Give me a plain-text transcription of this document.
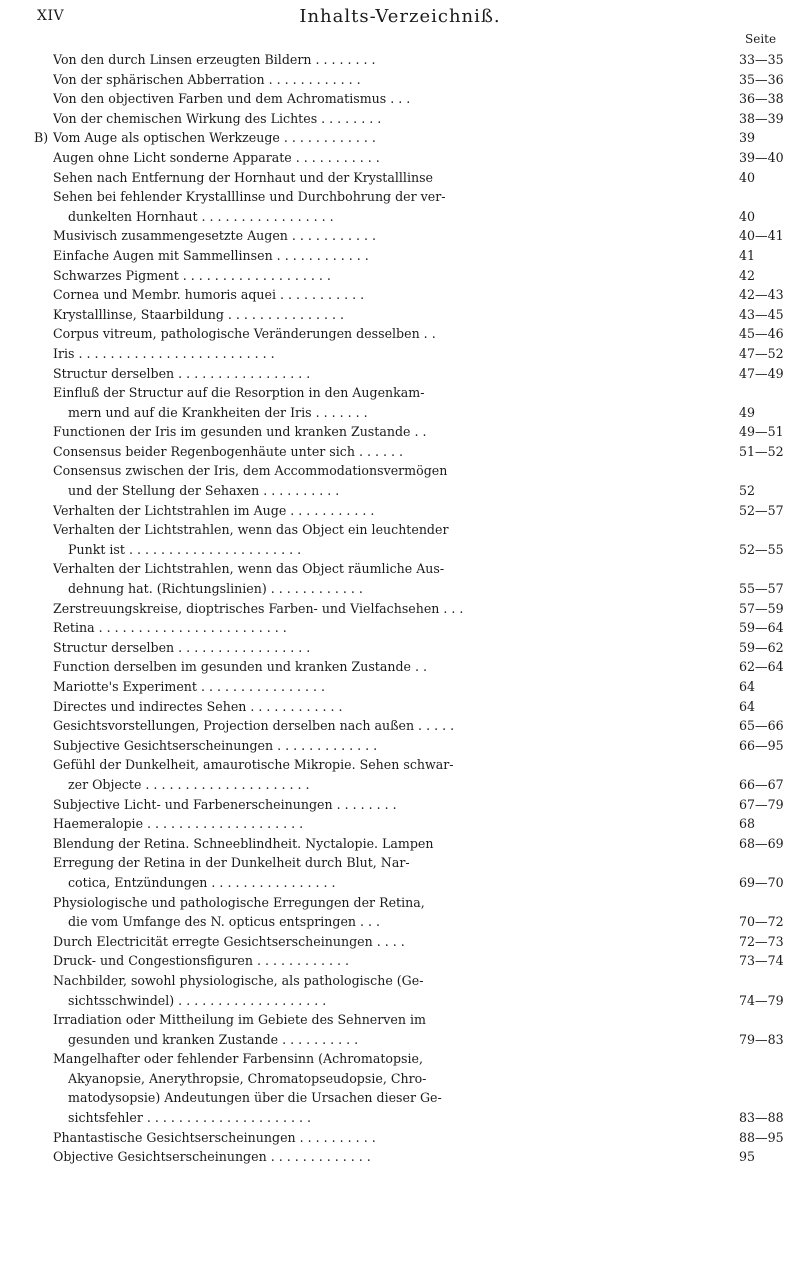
XIV	Inhalts-Verzeichniß.
Seite
Von den durch Linsen erzeugten Bildern . . . . . . . .	33—35
Von der sphärischen Abberration . . . . . . . . . . . .	35—36
Von den objectiven Farben und dem Achromatismus . . .	36—38
Von der chemischen Wirkung des Lichtes . . . . . . . .	38—39
B) Vom Auge als optischen Werkzeuge . . . . . . . . . . . .	39
Augen ohne Licht sonderne Apparate . . . . . . . . . . .	39—40
Sehen nach Entfernung der Hornhaut und der Krystalllinse	40
Sehen bei fehlender Krystalllinse und Durchbohrung der ver-
dunkelten Hornhaut . . . . . . . . . . . . . . . . .	40
Musivisch zusammengesetzte Augen . . . . . . . . . . .	40—41
Einfache Augen mit Sammellinsen . . . . . . . . . . . .	41
Schwarzes Pigment . . . . . . . . . . . . . . . . . . .	42
Cornea und Membr. humoris aquei . . . . . . . . . . .	42—43
Krystalllinse, Staarbildung . . . . . . . . . . . . . . .	43—45
Corpus vitreum, pathologische Veränderungen desselben . .	45—46
Iris . . . . . . . . . . . . . . . . . . . . . . . . .	47—52
Structur derselben . . . . . . . . . . . . . . . . .	47—49
Einfluß der Structur auf die Resorption in den Augenkam-
mern und auf die Krankheiten der Iris . . . . . . .	49
Functionen der Iris im gesunden und kranken Zustande . .	49—51
Consensus beider Regenbogenhäute unter sich . . . . . .	51—52
Consensus zwischen der Iris, dem Accommodationsvermögen
und der Stellung der Sehaxen . . . . . . . . . .	52
Verhalten der Lichtstrahlen im Auge . . . . . . . . . . .	52—57
Verhalten der Lichtstrahlen, wenn das Object ein leuchtender
Punkt ist . . . . . . . . . . . . . . . . . . . . . .	52—55
Verhalten der Lichtstrahlen, wenn das Object räumliche Aus-
dehnung hat. (Richtungslinien) . . . . . . . . . . . .	55—57
Zerstreuungskreise, dioptrisches Farben- und Vielfachsehen . . .	57—59
Retina . . . . . . . . . . . . . . . . . . . . . . . .	59—64
Structur derselben . . . . . . . . . . . . . . . . .	59—62
Function derselben im gesunden und kranken Zustande . .	62—64
Mariotte's Experiment . . . . . . . . . . . . . . . .	64
Directes und indirectes Sehen . . . . . . . . . . . .	64
Gesichtsvorstellungen, Projection derselben nach außen . . . . .	65—66
Subjective Gesichtserscheinungen . . . . . . . . . . . . .	66—95
Gefühl der Dunkelheit, amaurotische Mikropie. Sehen schwar-
zer Objecte . . . . . . . . . . . . . . . . . . . . .	66—67
Subjective Licht- und Farbenerscheinungen . . . . . . . .	67—79
Haemeralopie . . . . . . . . . . . . . . . . . . . .	68
Blendung der Retina. Schneeblindheit. Nyctalopie. Lampen	68—69
Erregung der Retina in der Dunkelheit durch Blut, Nar-
cotica, Entzündungen . . . . . . . . . . . . . . . .	69—70
Physiologische und pathologische Erregungen der Retina,
die vom Umfange des N. opticus entspringen . . .	70—72
Durch Electricität erregte Gesichtserscheinungen . . . .	72—73
Druck- und Congestionsfiguren . . . . . . . . . . . .	73—74
Nachbilder, sowohl physiologische, als pathologische (Ge-
sichtsschwindel) . . . . . . . . . . . . . . . . . . .	74—79
Irradiation oder Mittheilung im Gebiete des Sehnerven im
gesunden und kranken Zustande . . . . . . . . . .	79—83
Mangelhafter oder fehlender Farbensinn (Achromatopsie,
Akyanopsie, Anerythropsie, Chromatopseudopsie, Chro-
matodysopsie) Andeutungen über die Ursachen dieser Ge-
sichtsfehler . . . . . . . . . . . . . . . . . . . . .	83—88
Phantastische Gesichtserscheinungen . . . . . . . . . .	88—95
Objective Gesichtserscheinungen . . . . . . . . . . . . .	95
